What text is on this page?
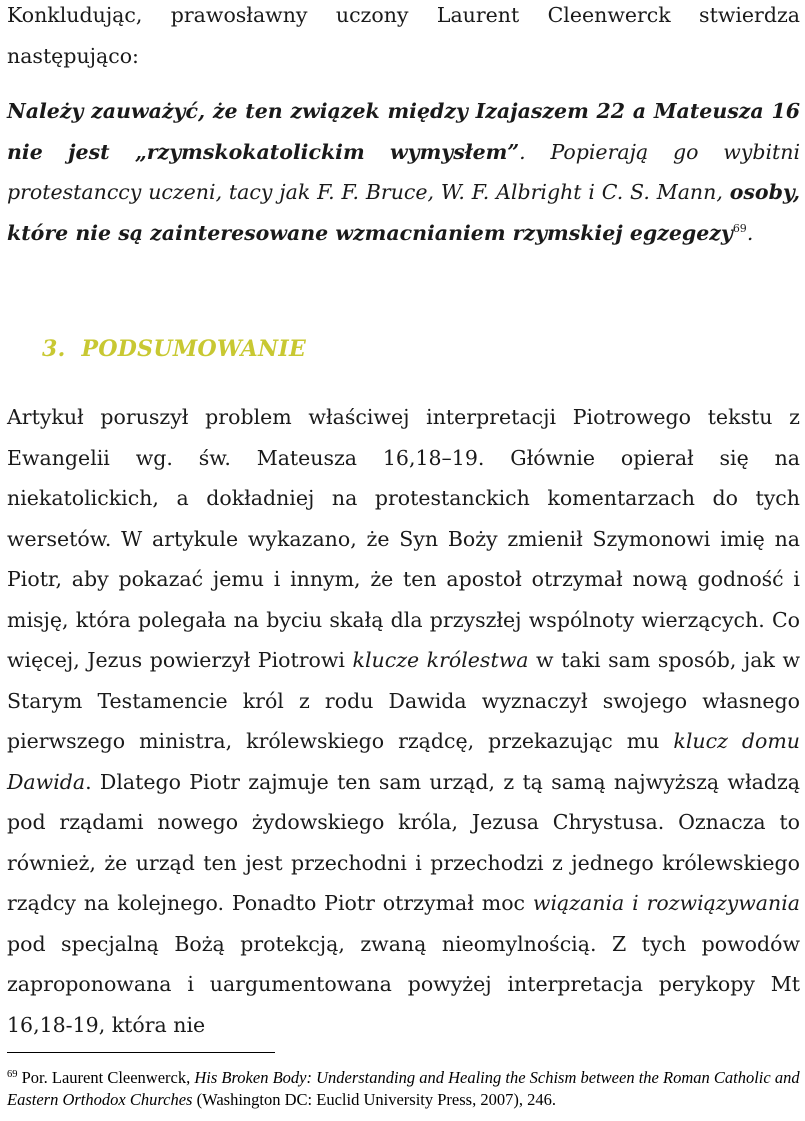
Konkludując, prawosławny uczony Laurent Cleenwerck stwierdza następująco:

Należy zauważyć, że ten związek między Izajaszem 22 a Mateusza 16 nie jest „rzymskokatolickim wymysłem”. Popierają go wybitni protestanccy uczeni, tacy jak F. F. Bruce, W. F. Albright i C. S. Mann, osoby, które nie są zainteresowane wzmacnianiem rzymskiej egzegezy$^{69}$.

3. PODSUMOWANIE

Artykuł poruszył problem właściwej interpretacji Piotrowego tekstu z Ewangelii wg. św. Mateusza 16,18–19. Głównie opierał się na niekatolickich, a dokładniej na protestanckich komentarzach do tych wersetów. W artykule wykazano, że Syn Boży zmienił Szymonowi imię na Piotr, aby pokazać jemu i innym, że ten apostoł otrzymał nową godność i misję, która polegała na byciu skałą dla przyszłej wspólnoty wierzących. Co więcej, Jezus powierzył Piotrowi klucze królestwa w taki sam sposób, jak w Starym Testamencie król z rodu Dawida wyznaczył swojego własnego pierwszego ministra, królewskiego rządcę, przekazując mu klucz domu Dawida. Dlatego Piotr zajmuje ten sam urząd, z tą samą najwyższą władzą pod rządami nowego żydowskiego króla, Jezusa Chrystusa. Oznacza to również, że urząd ten jest przechodni i przechodzi z jednego królewskiego rządcy na kolejnego. Ponadto Piotr otrzymał moc wiązania i rozwiązywania pod specjalną Bożą protekcją, zwaną nieomylnością. Z tych powodów zaproponowana i uargumentowana powyżej interpretacja perykopy Mt 16,18-19, która nie

$^{69}$ Por. Laurent Cleenwerck, His Broken Body: Understanding and Healing the Schism between the Roman Catholic and Eastern Orthodox Churches (Washington DC: Euclid University Press, 2007), 246.
